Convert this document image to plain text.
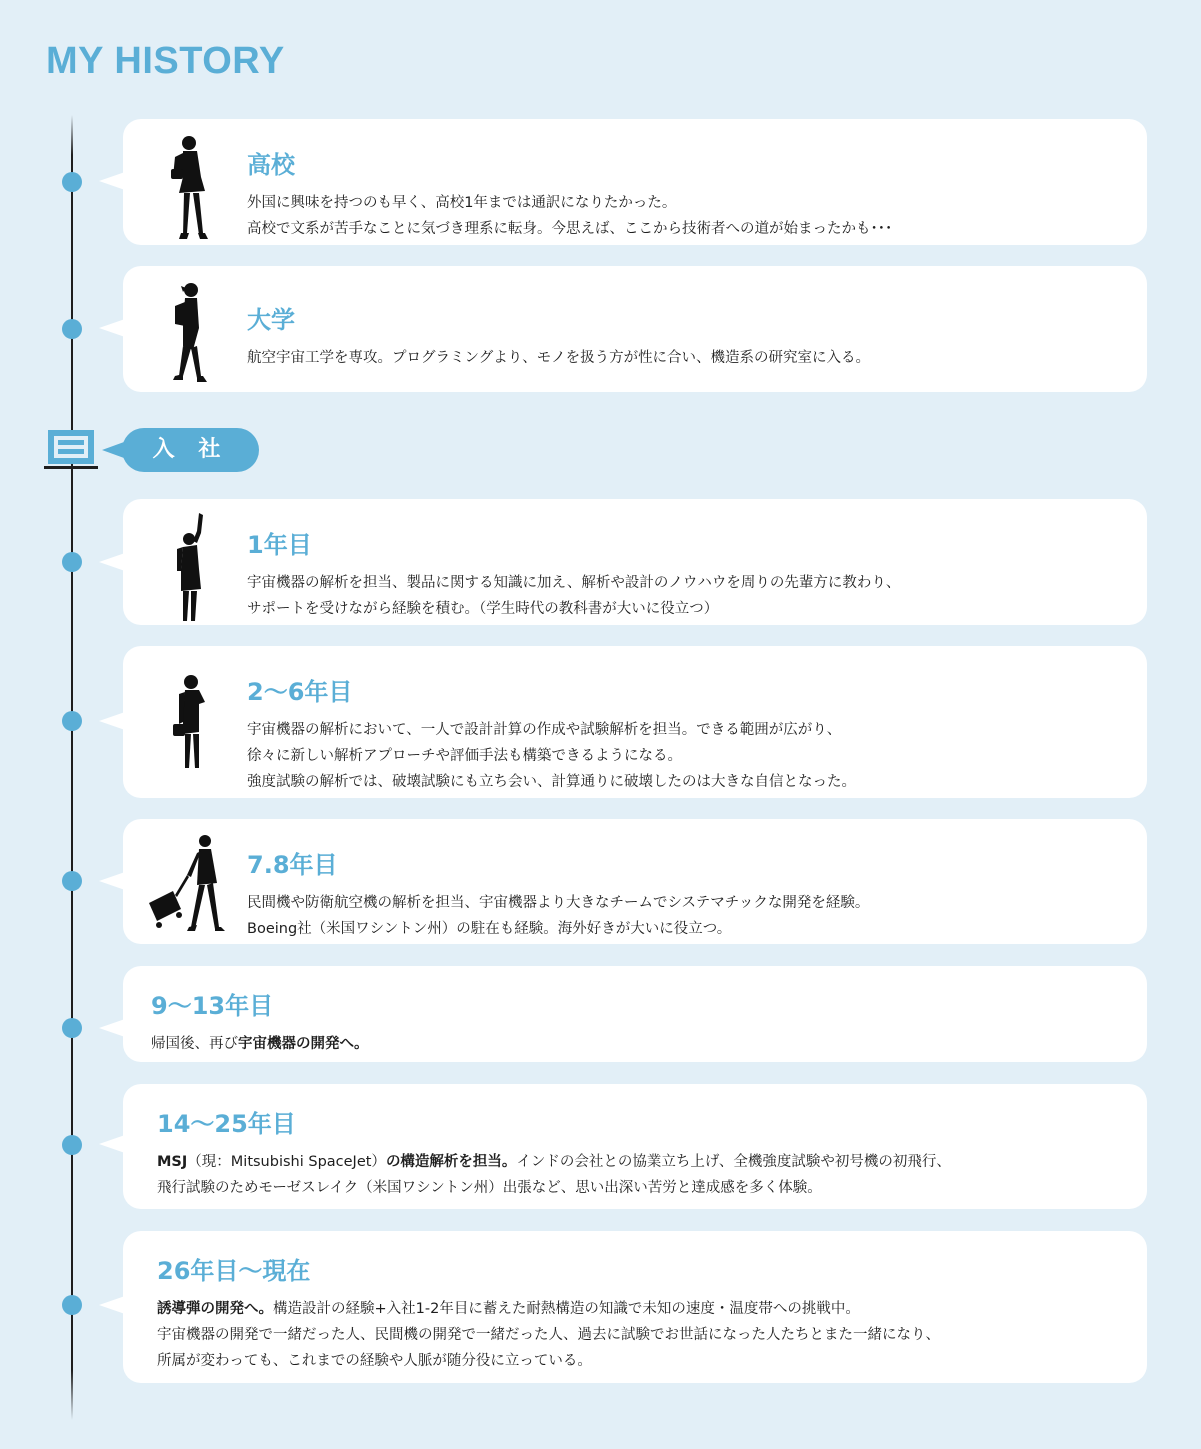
MY HISTORY
入 社
高校

外国に興味を持つのも早く、高校1年までは通訳になりたかった。
高校で文系が苦手なことに気づき理系に転身。今思えば、ここから技術者への道が始まったかも･･･

大学

航空宇宙工学を専攻。プログラミングより、モノを扱う方が性に合い、機造系の研究室に入る。

1年目

宇宙機器の解析を担当、製品に関する知識に加え、解析や設計のノウハウを周りの先輩方に教わり、
サポートを受けながら経験を積む。（学生時代の教科書が大いに役立つ）

2〜6年目

宇宙機器の解析において、一人で設計計算の作成や試験解析を担当。できる範囲が広がり、
徐々に新しい解析アプローチや評価手法も構築できるようになる。
強度試験の解析では、破壊試験にも立ち会い、計算通りに破壊したのは大きな自信となった。

7.8年目

民間機や防衛航空機の解析を担当、宇宙機器より大きなチームでシステマチックな開発を経験。
Boeing社（米国ワシントン州）の駐在も経験。海外好きが大いに役立つ。

9〜13年目

帰国後、再び宇宙機器の開発へ。

14〜25年目

MSJ（現：Mitsubishi SpaceJet）の構造解析を担当。インドの会社との協業立ち上げ、全機強度試験や初号機の初飛行、
飛行試験のためモーゼスレイク（米国ワシントン州）出張など、思い出深い苦労と達成感を多く体験。

26年目〜現在

誘導弾の開発へ。構造設計の経験+入社1-2年目に蓄えた耐熱構造の知識で未知の速度・温度帯への挑戦中。
宇宙機器の開発で一緒だった人、民間機の開発で一緒だった人、過去に試験でお世話になった人たちとまた一緒になり、
所属が変わっても、これまでの経験や人脈が随分役に立っている。
